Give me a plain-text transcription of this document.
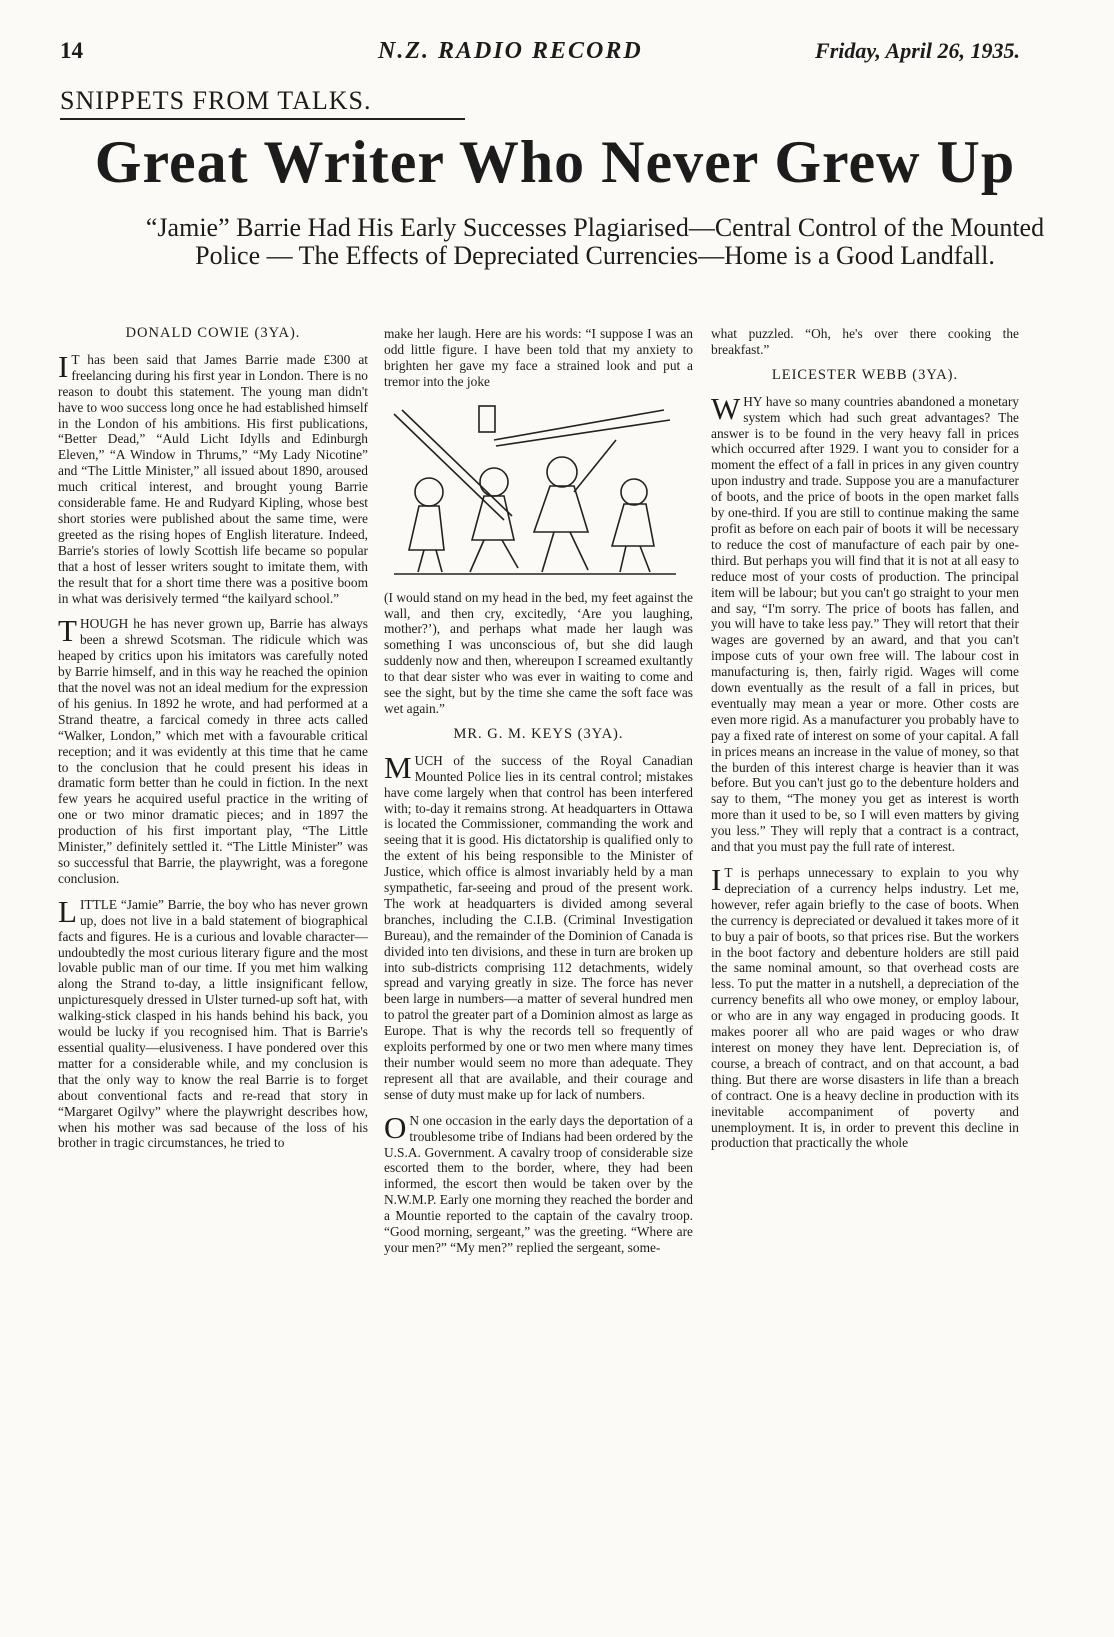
14	N.Z. RADIO RECORD	Friday, April 26, 1935.
SNIPPETS FROM TALKS.
Great Writer Who Never Grew Up
“Jamie” Barrie Had His Early Successes Plagiarised—Central Control of the Mounted Police — The Effects of Depreciated Currencies—Home is a Good Landfall.

DONALD COWIE (3YA).

I T has been said that James Barrie made £300 at freelancing during his first year in London. There is no reason to doubt this statement. The young man didn't have to woo success long once he had established himself in the London of his ambitions. His first publications, “Better Dead,” “Auld Licht Idylls and Edinburgh Eleven,” “A Window in Thrums,” “My Lady Nicotine” and “The Little Minister,” all issued about 1890, aroused much critical interest, and brought young Barrie considerable fame. He and Rudyard Kipling, whose best short stories were published about the same time, were greeted as the rising hopes of English literature. Indeed, Barrie's stories of lowly Scottish life became so popular that a host of lesser writers sought to imitate them, with the result that for a short time there was a positive boom in what was derisively termed “the kailyard school.”

THOUGH he has never grown up, Barrie has always been a shrewd Scotsman. The ridicule which was heaped by critics upon his imitators was carefully noted by Barrie himself, and in this way he reached the opinion that the novel was not an ideal medium for the expression of his genius. In 1892 he wrote, and had performed at a Strand theatre, a farcical comedy in three acts called “Walker, London,” which met with a favourable critical reception; and it was evidently at this time that he came to the conclusion that he could present his ideas in dramatic form better than he could in fiction. In the next few years he acquired useful practice in the writing of one or two minor dramatic pieces; and in 1897 the production of his first important play, “The Little Minister,” definitely settled it. “The Little Minister” was so successful that Barrie, the playwright, was a foregone conclusion.

LITTLE “Jamie” Barrie, the boy who has never grown up, does not live in a bald statement of biographical facts and figures. He is a curious and lovable character—undoubtedly the most curious literary figure and the most lovable public man of our time. If you met him walking along the Strand to-day, a little insignificant fellow, unpicturesquely dressed in Ulster turned-up soft hat, with walking-stick clasped in his hands behind his back, you would be lucky if you recognised him. That is Barrie's essential quality—elusiveness. I have pondered over this matter for a considerable while, and my conclusion is that the only way to know the real Barrie is to forget about conventional facts and re-read that story in “Margaret Ogilvy” where the playwright describes how, when his mother was sad because of the loss of his brother in tragic circumstances, he tried to

make her laugh. Here are his words: “I suppose I was an odd little figure. I have been told that my anxiety to brighten her gave my face a strained look and put a tremor into the joke

(I would stand on my head in the bed, my feet against the wall, and then cry, excitedly, ‘Are you laughing, mother?’), and perhaps what made her laugh was something I was unconscious of, but she did laugh suddenly now and then, whereupon I screamed exultantly to that dear sister who was ever in waiting to come and see the sight, but by the time she came the soft face was wet again.”

MR. G. M. KEYS (3YA).

MUCH of the success of the Royal Canadian Mounted Police lies in its central control; mistakes have come largely when that control has been interfered with; to-day it remains strong. At headquarters in Ottawa is located the Commissioner, commanding the work and seeing that it is good. His dictatorship is qualified only to the extent of his being responsible to the Minister of Justice, which office is almost invariably held by a man sympathetic, far-seeing and proud of the present work. The work at headquarters is divided among several branches, including the C.I.B. (Criminal Investigation Bureau), and the remainder of the Dominion of Canada is divided into ten divisions, and these in turn are broken up into sub-districts comprising 112 detachments, widely spread and varying greatly in size. The force has never been large in numbers—a matter of several hundred men to patrol the greater part of a Dominion almost as large as Europe. That is why the records tell so frequently of exploits performed by one or two men where many times their number would seem no more than adequate. They represent all that are available, and their courage and sense of duty must make up for lack of numbers.

O N one occasion in the early days the deportation of a troublesome tribe of Indians had been ordered by the U.S.A. Government. A cavalry troop of considerable size escorted them to the border, where, they had been informed, the escort then would be taken over by the N.W.M.P. Early one morning they reached the border and a Mountie reported to the captain of the cavalry troop. “Good morning, sergeant,” was the greeting. “Where are your men?” “My men?” replied the sergeant, some-

what puzzled. “Oh, he's over there cooking the breakfast.”

LEICESTER WEBB (3YA).

WHY have so many countries abandoned a monetary system which had such great advantages? The answer is to be found in the very heavy fall in prices which occurred after 1929. I want you to consider for a moment the effect of a fall in prices in any given country upon industry and trade. Suppose you are a manufacturer of boots, and the price of boots in the open market falls by one-third. If you are still to continue making the same profit as before on each pair of boots it will be necessary to reduce the cost of manufacture of each pair by one-third. But perhaps you will find that it is not at all easy to reduce most of your costs of production. The principal item will be labour; but you can't go straight to your men and say, “I'm sorry. The price of boots has fallen, and you will have to take less pay.” They will retort that their wages are governed by an award, and that you can't impose cuts of your own free will. The labour cost in manufacturing is, then, fairly rigid. Wages will come down eventually as the result of a fall in prices, but eventually may mean a year or more. Other costs are even more rigid. As a manufacturer you probably have to pay a fixed rate of interest on some of your capital. A fall in prices means an increase in the value of money, so that the burden of this interest charge is heavier than it was before. But you can't just go to the debenture holders and say to them, “The money you get as interest is worth more than it used to be, so I will even matters by giving you less.” They will reply that a contract is a contract, and that you must pay the full rate of interest.

I T is perhaps unnecessary to explain to you why depreciation of a currency helps industry. Let me, however, refer again briefly to the case of boots. When the currency is depreciated or devalued it takes more of it to buy a pair of boots, so that prices rise. But the workers in the boot factory and debenture holders are still paid the same nominal amount, so that overhead costs are less. To put the matter in a nutshell, a depreciation of the currency benefits all who owe money, or employ labour, or who are in any way engaged in producing goods. It makes poorer all who are paid wages or who draw interest on money they have lent. Depreciation is, of course, a breach of contract, and on that account, a bad thing. But there are worse disasters in life than a breach of contract. One is a heavy decline in production with its inevitable accompaniment of poverty and unemployment. It is, in order to prevent this decline in production that practically the whole
